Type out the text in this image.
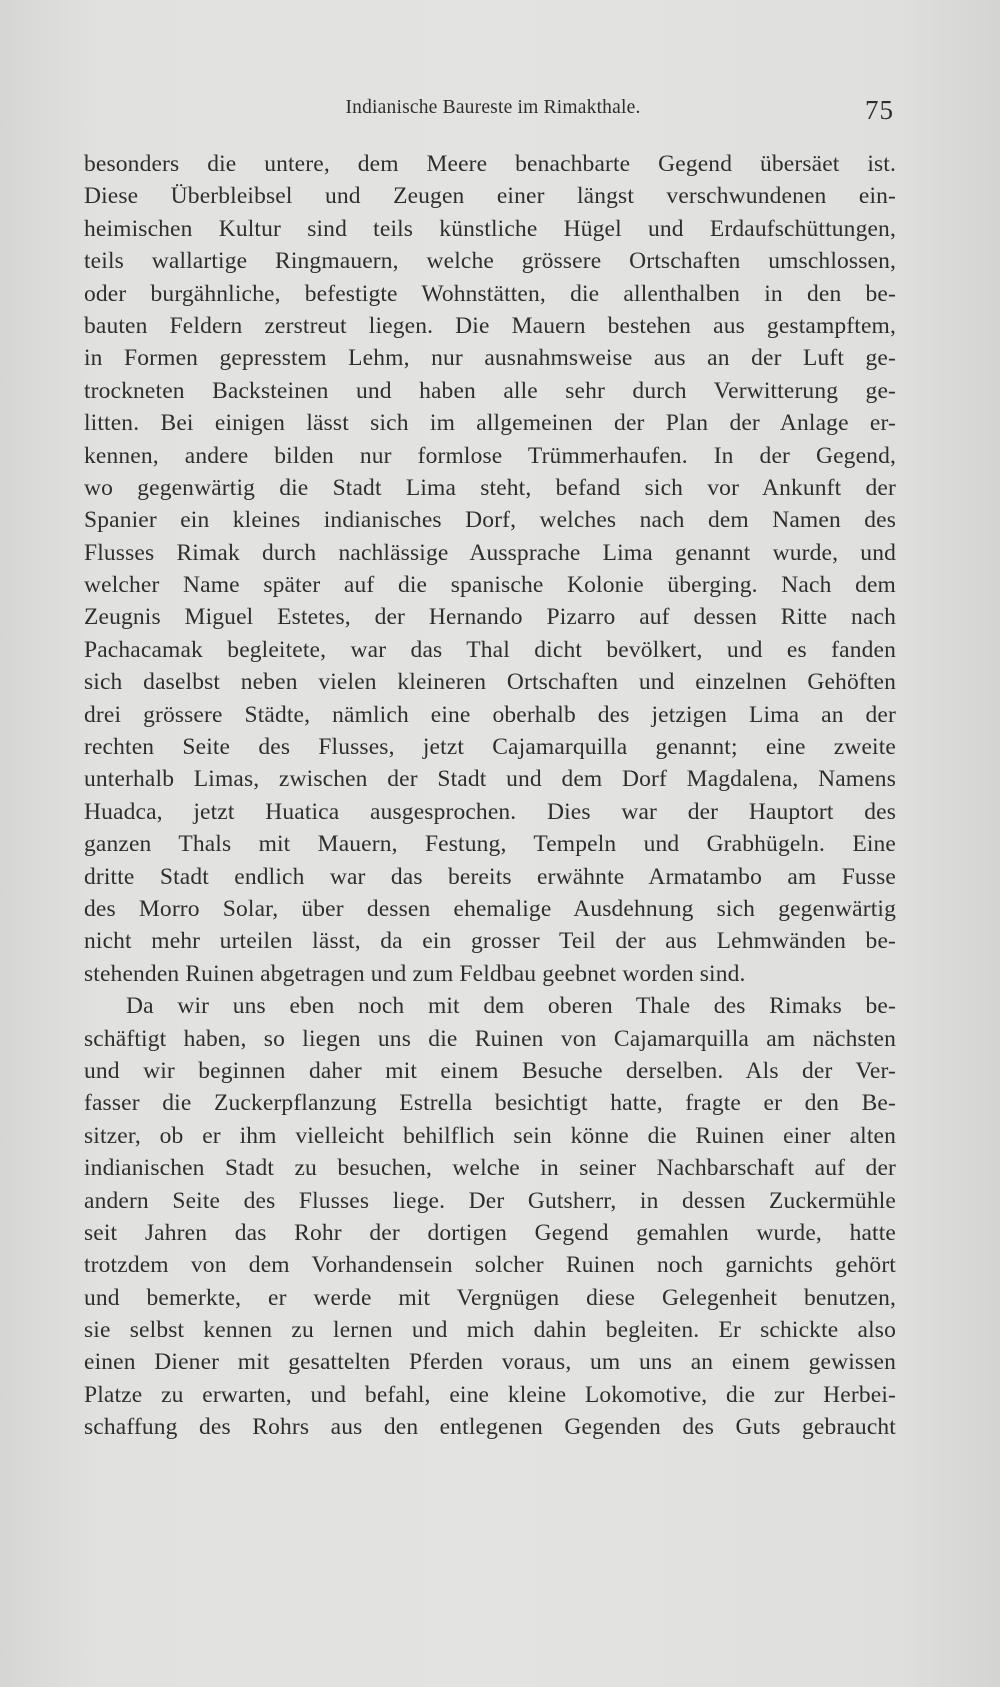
Indianische Baureste im Rimakthale.	75
besonders die untere, dem Meere benachbarte Gegend übersäet ist.
Diese Überbleibsel und Zeugen einer längst verschwundenen ein-
heimischen Kultur sind teils künstliche Hügel und Erdaufschüttungen,
teils wallartige Ringmauern, welche grössere Ortschaften umschlossen,
oder burgähnliche, befestigte Wohnstätten, die allenthalben in den be-
bauten Feldern zerstreut liegen. Die Mauern bestehen aus gestampftem,
in Formen gepresstem Lehm, nur ausnahmsweise aus an der Luft ge-
trockneten Backsteinen und haben alle sehr durch Verwitterung ge-
litten. Bei einigen lässt sich im allgemeinen der Plan der Anlage er-
kennen, andere bilden nur formlose Trümmerhaufen. In der Gegend,
wo gegenwärtig die Stadt Lima steht, befand sich vor Ankunft der
Spanier ein kleines indianisches Dorf, welches nach dem Namen des
Flusses Rimak durch nachlässige Aussprache Lima genannt wurde, und
welcher Name später auf die spanische Kolonie überging. Nach dem
Zeugnis Miguel Estetes, der Hernando Pizarro auf dessen Ritte nach
Pachacamak begleitete, war das Thal dicht bevölkert, und es fanden
sich daselbst neben vielen kleineren Ortschaften und einzelnen Gehöften
drei grössere Städte, nämlich eine oberhalb des jetzigen Lima an der
rechten Seite des Flusses, jetzt Cajamarquilla genannt; eine zweite
unterhalb Limas, zwischen der Stadt und dem Dorf Magdalena, Namens
Huadca, jetzt Huatica ausgesprochen. Dies war der Hauptort des
ganzen Thals mit Mauern, Festung, Tempeln und Grabhügeln. Eine
dritte Stadt endlich war das bereits erwähnte Armatambo am Fusse
des Morro Solar, über dessen ehemalige Ausdehnung sich gegenwärtig
nicht mehr urteilen lässt, da ein grosser Teil der aus Lehmwänden be-
stehenden Ruinen abgetragen und zum Feldbau geebnet worden sind.
Da wir uns eben noch mit dem oberen Thale des Rimaks be-
schäftigt haben, so liegen uns die Ruinen von Cajamarquilla am nächsten
und wir beginnen daher mit einem Besuche derselben. Als der Ver-
fasser die Zuckerpflanzung Estrella besichtigt hatte, fragte er den Be-
sitzer, ob er ihm vielleicht behilflich sein könne die Ruinen einer alten
indianischen Stadt zu besuchen, welche in seiner Nachbarschaft auf der
andern Seite des Flusses liege. Der Gutsherr, in dessen Zuckermühle
seit Jahren das Rohr der dortigen Gegend gemahlen wurde, hatte
trotzdem von dem Vorhandensein solcher Ruinen noch garnichts gehört
und bemerkte, er werde mit Vergnügen diese Gelegenheit benutzen,
sie selbst kennen zu lernen und mich dahin begleiten. Er schickte also
einen Diener mit gesattelten Pferden voraus, um uns an einem gewissen
Platze zu erwarten, und befahl, eine kleine Lokomotive, die zur Herbei-
schaffung des Rohrs aus den entlegenen Gegenden des Guts gebraucht
